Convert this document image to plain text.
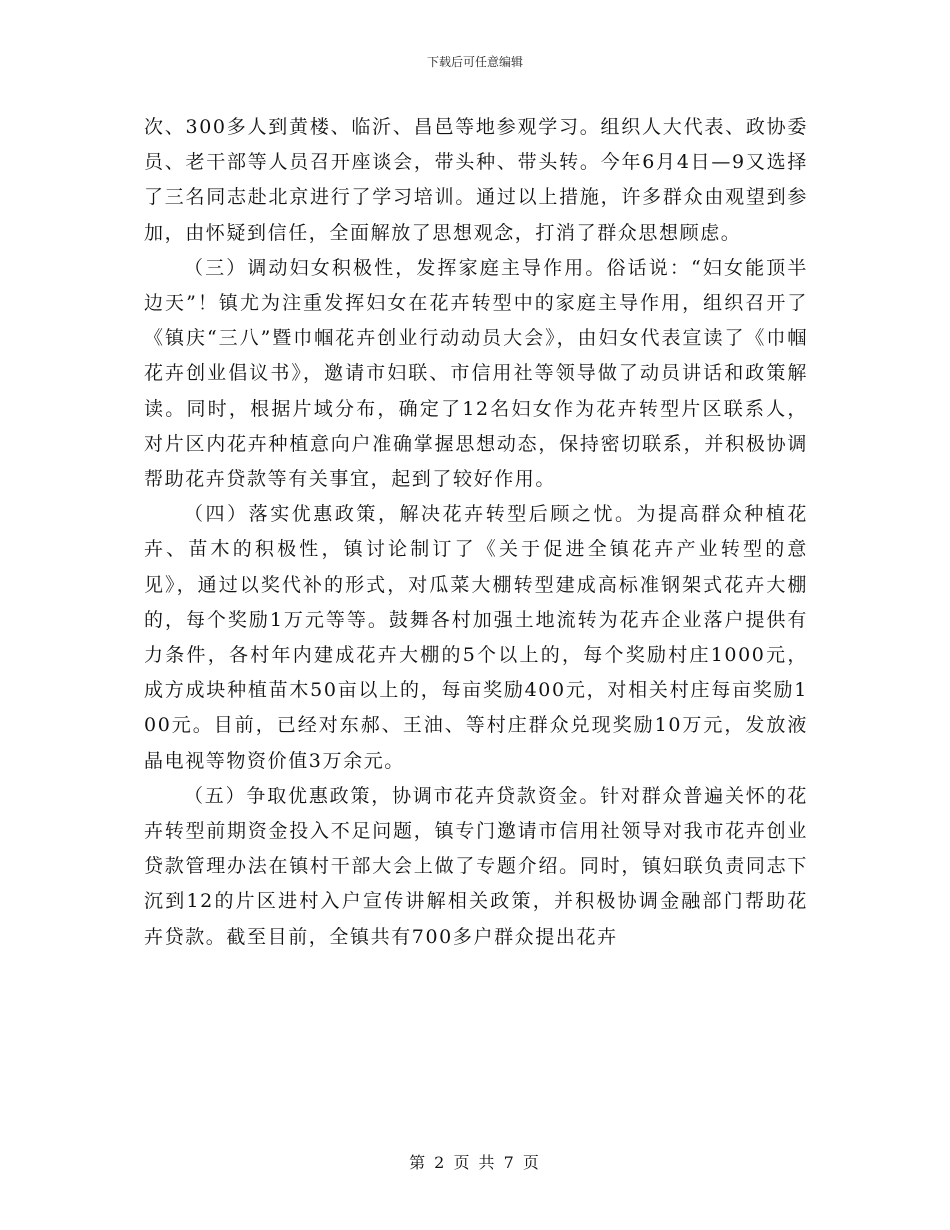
下载后可任意编辑

次、300多人到黄楼、临沂、昌邑等地参观学习。组织人大代表、政协委员、老干部等人员召开座谈会，带头种、带头转。今年6月4日—9又选择了三名同志赴北京进行了学习培训。通过以上措施，许多群众由观望到参加，由怀疑到信任，全面解放了思想观念，打消了群众思想顾虑。

（三）调动妇女积极性，发挥家庭主导作用。俗话说：“妇女能顶半边天”！镇尤为注重发挥妇女在花卉转型中的家庭主导作用，组织召开了《镇庆“三八”暨巾帼花卉创业行动动员大会》，由妇女代表宣读了《巾帼花卉创业倡议书》，邀请市妇联、市信用社等领导做了动员讲话和政策解读。同时，根据片域分布，确定了12名妇女作为花卉转型片区联系人，对片区内花卉种植意向户准确掌握思想动态，保持密切联系，并积极协调帮助花卉贷款等有关事宜，起到了较好作用。

（四）落实优惠政策，解决花卉转型后顾之忧。为提高群众种植花卉、苗木的积极性，镇讨论制订了《关于促进全镇花卉产业转型的意见》，通过以奖代补的形式，对瓜菜大棚转型建成高标准钢架式花卉大棚的，每个奖励1万元等等。鼓舞各村加强土地流转为花卉企业落户提供有力条件，各村年内建成花卉大棚的5个以上的，每个奖励村庄1000元，成方成块种植苗木50亩以上的，每亩奖励400元，对相关村庄每亩奖励100元。目前，已经对东郝、王油、等村庄群众兑现奖励10万元，发放液晶电视等物资价值3万余元。

（五）争取优惠政策，协调市花卉贷款资金。针对群众普遍关怀的花卉转型前期资金投入不足问题，镇专门邀请市信用社领导对我市花卉创业贷款管理办法在镇村干部大会上做了专题介绍。同时，镇妇联负责同志下沉到12的片区进村入户宣传讲解相关政策，并积极协调金融部门帮助花卉贷款。截至目前，全镇共有700多户群众提出花卉

第 2 页 共 7 页
